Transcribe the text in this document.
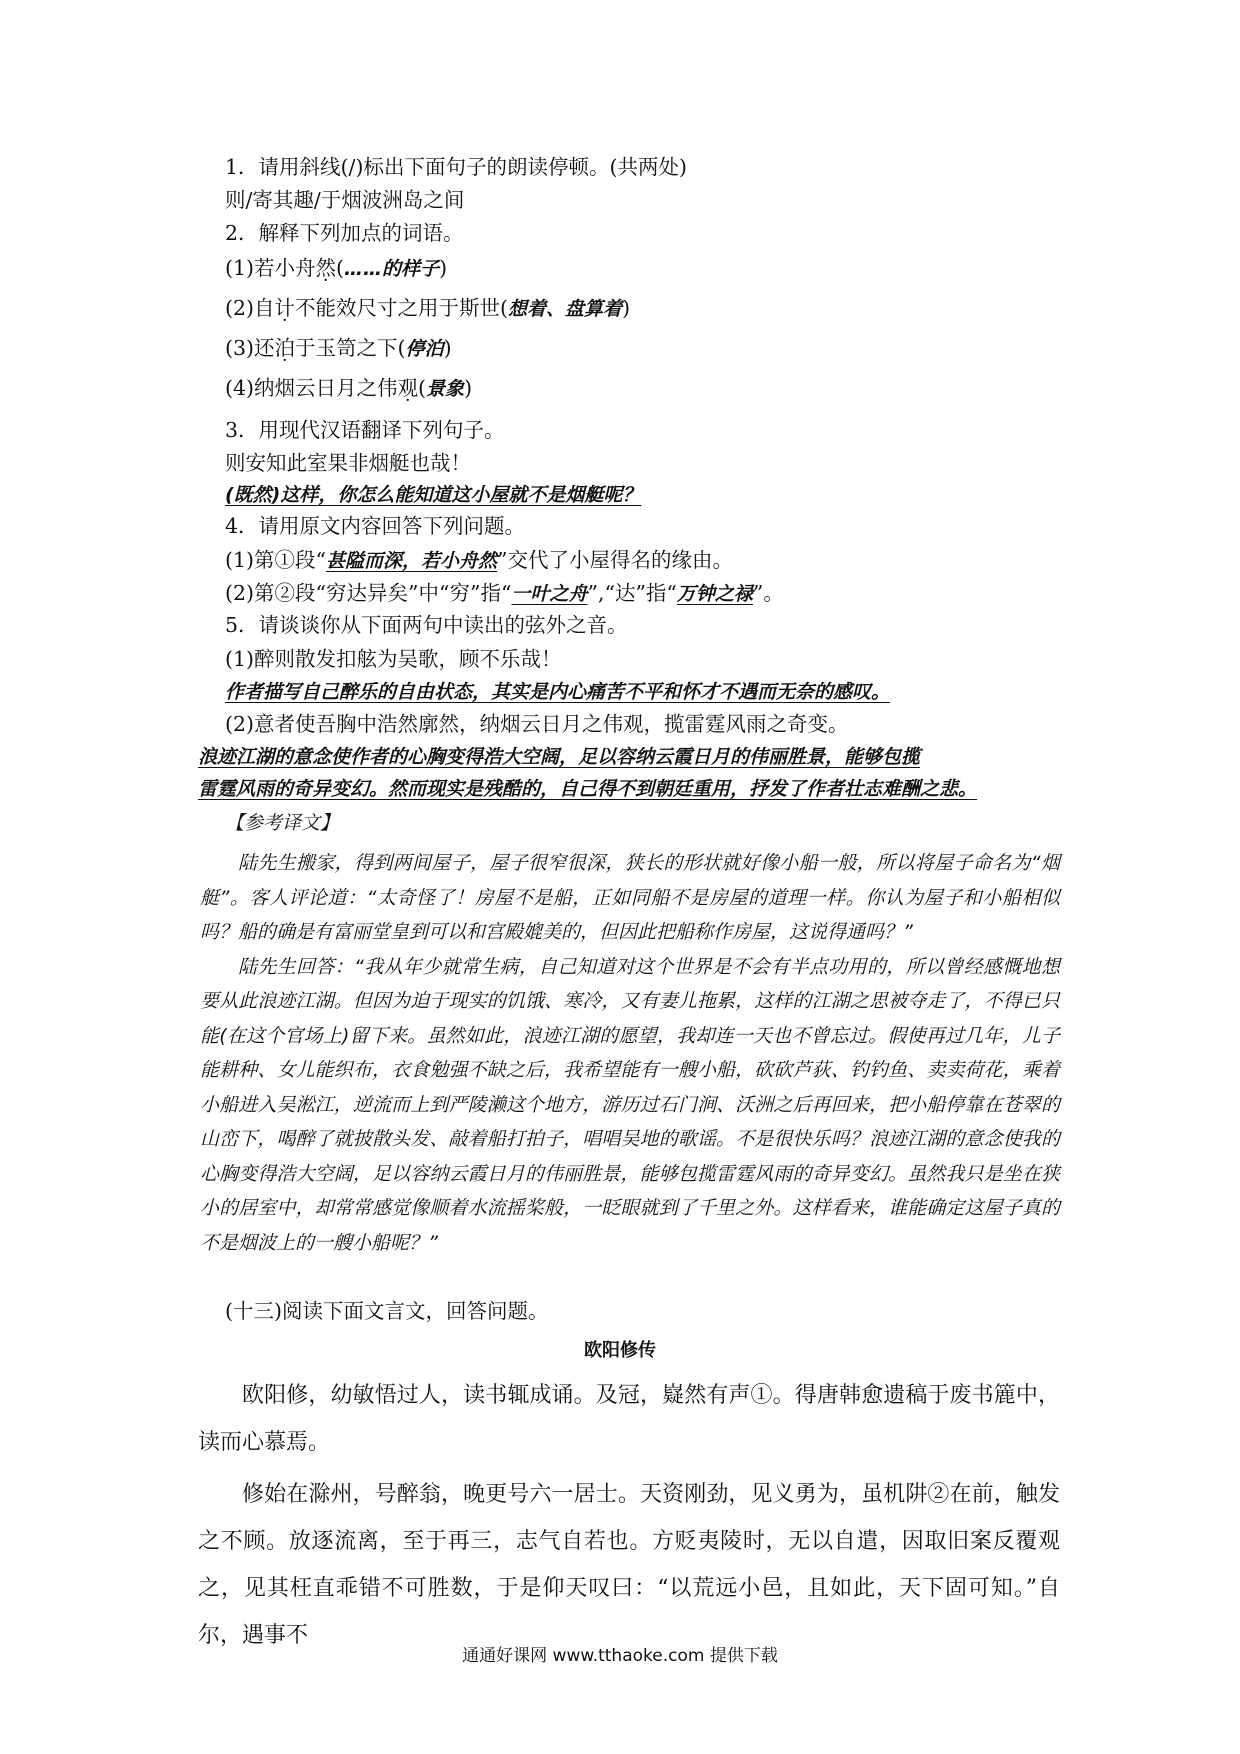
1．请用斜线(/)标出下面句子的朗读停顿。(共两处)
则/寄其趣/于烟波洲岛之间
2．解释下列加点的词语。
(1)若小舟然(……的样子)
(2)自计不能效尺寸之用于斯世(想着、盘算着)
(3)还泊于玉笥之下(停泊)
(4)纳烟云日月之伟观(景象)
3．用现代汉语翻译下列句子。
则安知此室果非烟艇也哉！
(既然)这样，你怎么能知道这小屋就不是烟艇呢？
4．请用原文内容回答下列问题。
(1)第①段“甚隘而深，若小舟然”交代了小屋得名的缘由。
(2)第②段“穷达异矣”中“穷”指“一叶之舟”,“达”指“万钟之禄”。
5．请谈谈你从下面两句中读出的弦外之音。
(1)醉则散发扣舷为吴歌，顾不乐哉！
作者描写自己醉乐的自由状态，其实是内心痛苦不平和怀才不遇而无奈的感叹。
(2)意者使吾胸中浩然廓然，纳烟云日月之伟观，揽雷霆风雨之奇变。
浪迹江湖的意念使作者的心胸变得浩大空阔，足以容纳云霞日月的伟丽胜景，能够包揽
雷霆风雨的奇异变幻。然而现实是残酷的，自己得不到朝廷重用，抒发了作者壮志难酬之悲。
【参考译文】

陆先生搬家，得到两间屋子，屋子很窄很深，狭长的形状就好像小船一般，所以将屋子命名为“烟艇”。客人评论道：“太奇怪了！房屋不是船，正如同船不是房屋的道理一样。你认为屋子和小船相似吗？船的确是有富丽堂皇到可以和宫殿媲美的，但因此把船称作房屋，这说得通吗？”

陆先生回答：“我从年少就常生病，自己知道对这个世界是不会有半点功用的，所以曾经感慨地想要从此浪迹江湖。但因为迫于现实的饥饿、寒冷，又有妻儿拖累，这样的江湖之思被夺走了，不得已只能(在这个官场上)留下来。虽然如此，浪迹江湖的愿望，我却连一天也不曾忘过。假使再过几年，儿子能耕种、女儿能织布，衣食勉强不缺之后，我希望能有一艘小船，砍砍芦荻、钓钓鱼、卖卖荷花，乘着小船进入吴淞江，逆流而上到严陵濑这个地方，游历过石门涧、沃洲之后再回来，把小船停靠在苍翠的山峦下，喝醉了就披散头发、敲着船打拍子，唱唱吴地的歌谣。不是很快乐吗？浪迹江湖的意念使我的心胸变得浩大空阔，足以容纳云霞日月的伟丽胜景，能够包揽雷霆风雨的奇异变幻。虽然我只是坐在狭小的居室中，却常常感觉像顺着水流摇桨般，一眨眼就到了千里之外。这样看来，谁能确定这屋子真的不是烟波上的一艘小船呢？”

(十三)阅读下面文言文，回答问题。
欧阳修传

欧阳修，幼敏悟过人，读书辄成诵。及冠，嶷然有声①。得唐韩愈遗稿于废书簏中，读而心慕焉。

修始在滁州，号醉翁，晚更号六一居士。天资刚劲，见义勇为，虽机阱②在前，触发之不顾。放逐流离，至于再三，志气自若也。方贬夷陵时，无以自遣，因取旧案反覆观之，见其枉直乖错不可胜数，于是仰天叹曰：“以荒远小邑，且如此，天下固可知。”自尔，遇事不

通通好课网 www.tthaoke.com 提供下载
